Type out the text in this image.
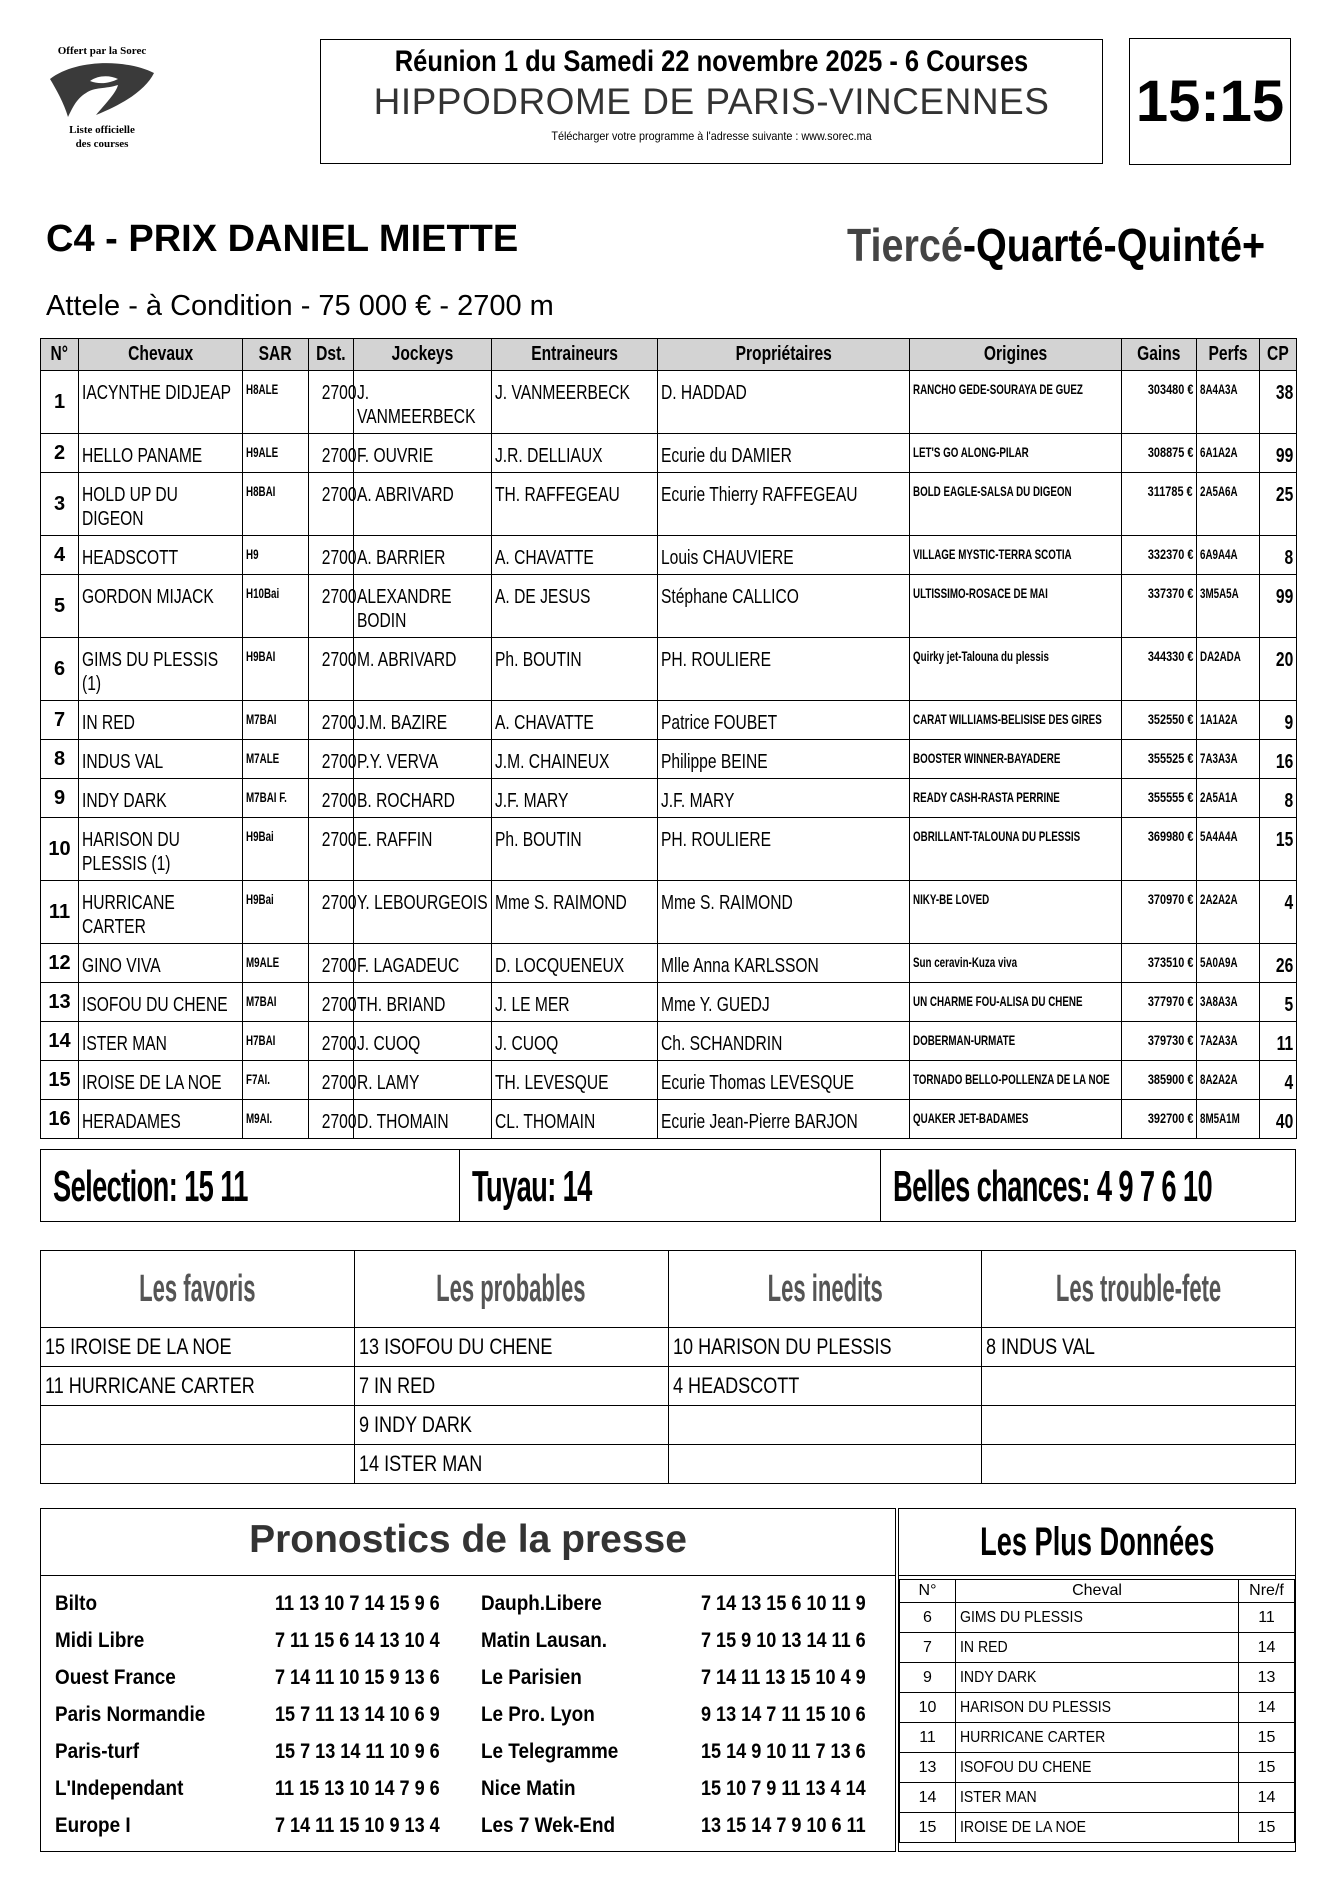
Offert par la Sorec
Liste officielle
des courses
Réunion 1 du Samedi 22 novembre 2025 - 6 Courses
HIPPODROME DE PARIS-VINCENNES
Télécharger votre programme à l'adresse suivante : www.sorec.ma
15:15
C4 - PRIX DANIEL MIETTE	Tiercé-Quarté-Quinté+
Attele - à Condition - 75 000 € - 2700 m
N°	Chevaux	SAR	Dst.	Jockeys	Entraineurs	Propriétaires	Origines	Gains	Perfs	CP
1	IACYNTHE DIDJEAP	H8ALE	2700	J. VANMEERBECK	J. VANMEERBECK	D. HADDAD	RANCHO GEDE-SOURAYA DE GUEZ	303480 €	8A4A3A	38
2	HELLO PANAME	H9ALE	2700	F. OUVRIE	J.R. DELLIAUX	Ecurie du DAMIER	LET'S GO ALONG-PILAR	308875 €	6A1A2A	99
3	HOLD UP DU DIGEON	H8BAI	2700	A. ABRIVARD	TH. RAFFEGEAU	Ecurie Thierry RAFFEGEAU	BOLD EAGLE-SALSA DU DIGEON	311785 €	2A5A6A	25
4	HEADSCOTT	H9	2700	A. BARRIER	A. CHAVATTE	Louis CHAUVIERE	VILLAGE MYSTIC-TERRA SCOTIA	332370 €	6A9A4A	8
5	GORDON MIJACK	H10Bai	2700	ALEXANDRE BODIN	A. DE JESUS	Stéphane CALLICO	ULTISSIMO-ROSACE DE MAI	337370 €	3M5A5A	99
6	GIMS DU PLESSIS (1)	H9BAI	2700	M. ABRIVARD	Ph. BOUTIN	PH. ROULIERE	Quirky jet-Talouna du plessis	344330 €	DA2ADA	20
7	IN RED	M7BAI	2700	J.M. BAZIRE	A. CHAVATTE	Patrice FOUBET	CARAT WILLIAMS-BELISISE DES GIRES	352550 €	1A1A2A	9
8	INDUS VAL	M7ALE	2700	P.Y. VERVA	J.M. CHAINEUX	Philippe BEINE	BOOSTER WINNER-BAYADERE	355525 €	7A3A3A	16
9	INDY DARK	M7BAI F.	2700	B. ROCHARD	J.F. MARY	J.F. MARY	READY CASH-RASTA PERRINE	355555 €	2A5A1A	8
10	HARISON DU PLESSIS (1)	H9Bai	2700	E. RAFFIN	Ph. BOUTIN	PH. ROULIERE	OBRILLANT-TALOUNA DU PLESSIS	369980 €	5A4A4A	15
11	HURRICANE CARTER	H9Bai	2700	Y. LEBOURGEOIS	Mme S. RAIMOND	Mme S. RAIMOND	NIKY-BE LOVED	370970 €	2A2A2A	4
12	GINO VIVA	M9ALE	2700	F. LAGADEUC	D. LOCQUENEUX	Mlle Anna KARLSSON	Sun ceravin-Kuza viva	373510 €	5A0A9A	26
13	ISOFOU DU CHENE	M7BAI	2700	TH. BRIAND	J. LE MER	Mme Y. GUEDJ	UN CHARME FOU-ALISA DU CHENE	377970 €	3A8A3A	5
14	ISTER MAN	H7BAI	2700	J. CUOQ	J. CUOQ	Ch. SCHANDRIN	DOBERMAN-URMATE	379730 €	7A2A3A	11
15	IROISE DE LA NOE	F7AI.	2700	R. LAMY	TH. LEVESQUE	Ecurie Thomas LEVESQUE	TORNADO BELLO-POLLENZA DE LA NOE	385900 €	8A2A2A	4
16	HERADAMES	M9AI.	2700	D. THOMAIN	CL. THOMAIN	Ecurie Jean-Pierre BARJON	QUAKER JET-BADAMES	392700 €	8M5A1M	40
Selection: 15 11	Tuyau: 14	Belles chances: 4 9 7 6 10
Les favoris	Les probables	Les inedits	Les trouble-fete
15 IROISE DE LA NOE	13 ISOFOU DU CHENE	10 HARISON DU PLESSIS	8 INDUS VAL
11 HURRICANE CARTER	7 IN RED	4 HEADSCOTT	
	9 INDY DARK		
	14 ISTER MAN		
Pronostics de la presse
Bilto	11 13 10 7 14 15 9 6
Midi Libre	7 11 15 6 14 13 10 4
Ouest France	7 14 11 10 15 9 13 6
Paris Normandie	15 7 11 13 14 10 6 9
Paris-turf	15 7 13 14 11 10 9 6
L'Independant	11 15 13 10 14 7 9 6
Europe I	7 14 11 15 10 9 13 4
Dauph.Libere	7 14 13 15 6 10 11 9
Matin Lausan.	7 15 9 10 13 14 11 6
Le Parisien	7 14 11 13 15 10 4 9
Le Pro. Lyon	9 13 14 7 11 15 10 6
Le Telegramme	15 14 9 10 11 7 13 6
Nice Matin	15 10 7 9 11 13 4 14
Les 7 Wek-End	13 15 14 7 9 10 6 11
Les Plus Données
N°	Cheval	Nre/f
6	GIMS DU PLESSIS	11
7	IN RED	14
9	INDY DARK	13
10	HARISON DU PLESSIS	14
11	HURRICANE CARTER	15
13	ISOFOU DU CHENE	15
14	ISTER MAN	14
15	IROISE DE LA NOE	15
